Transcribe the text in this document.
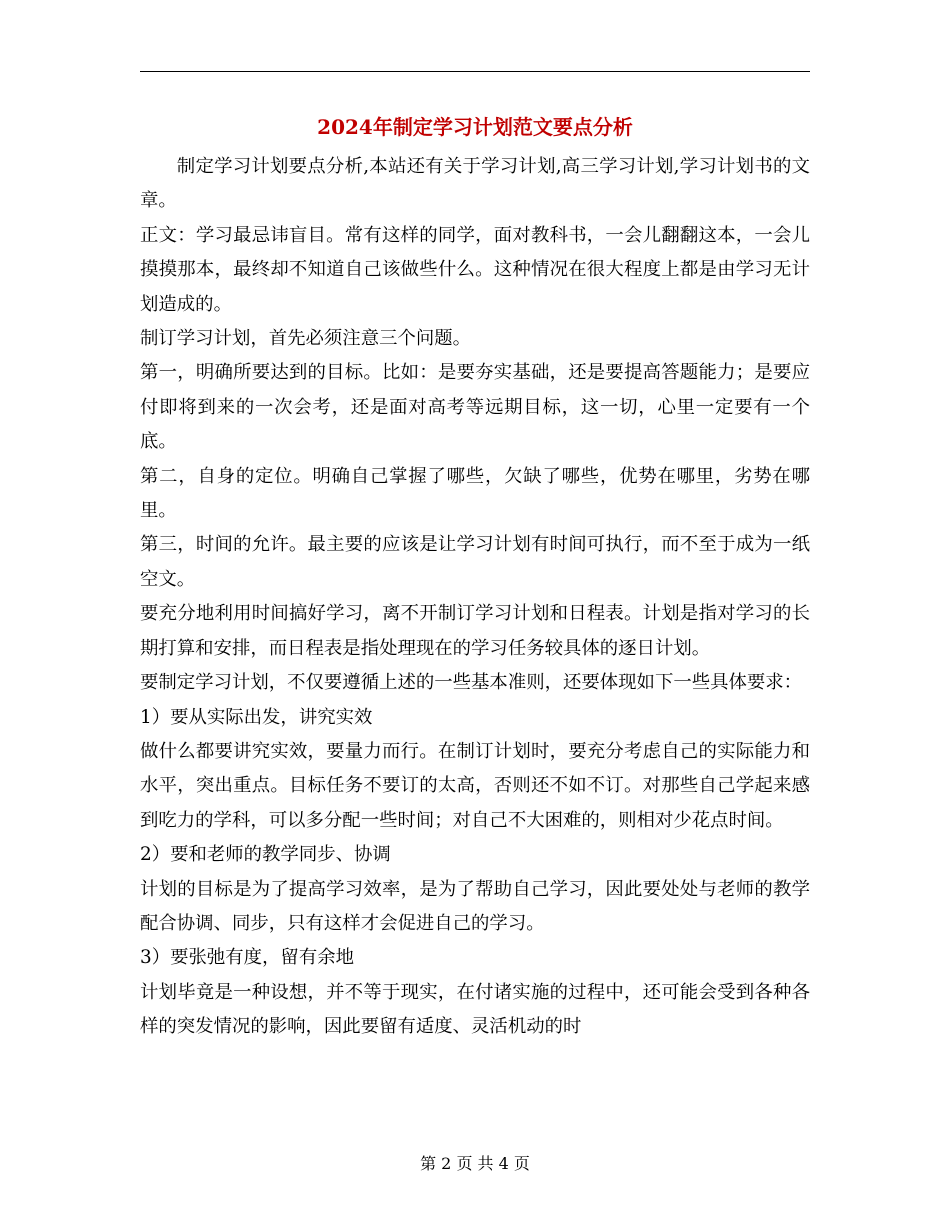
2024年制定学习计划范文要点分析

制定学习计划要点分析,本站还有关于学习计划,高三学习计划,学习计划书的文章。

正文：学习最忌讳盲目。常有这样的同学，面对教科书，一会儿翻翻这本，一会儿摸摸那本，最终却不知道自己该做些什么。这种情况在很大程度上都是由学习无计划造成的。

制订学习计划，首先必须注意三个问题。

第一，明确所要达到的目标。比如：是要夯实基础，还是要提高答题能力；是要应付即将到来的一次会考，还是面对高考等远期目标，这一切，心里一定要有一个底。

第二，自身的定位。明确自己掌握了哪些，欠缺了哪些，优势在哪里，劣势在哪里。

第三，时间的允许。最主要的应该是让学习计划有时间可执行，而不至于成为一纸空文。

要充分地利用时间搞好学习，离不开制订学习计划和日程表。计划是指对学习的长期打算和安排，而日程表是指处理现在的学习任务较具体的逐日计划。

要制定学习计划，不仅要遵循上述的一些基本准则，还要体现如下一些具体要求：

1）要从实际出发，讲究实效

做什么都要讲究实效，要量力而行。在制订计划时，要充分考虑自己的实际能力和水平，突出重点。目标任务不要订的太高，否则还不如不订。对那些自己学起来感到吃力的学科，可以多分配一些时间；对自己不大困难的，则相对少花点时间。

2）要和老师的教学同步、协调

计划的目标是为了提高学习效率，是为了帮助自己学习，因此要处处与老师的教学配合协调、同步，只有这样才会促进自己的学习。

3）要张弛有度，留有余地

计划毕竟是一种设想，并不等于现实，在付诸实施的过程中，还可能会受到各种各样的突发情况的影响，因此要留有适度、灵活机动的时

第 2 页 共 4 页
